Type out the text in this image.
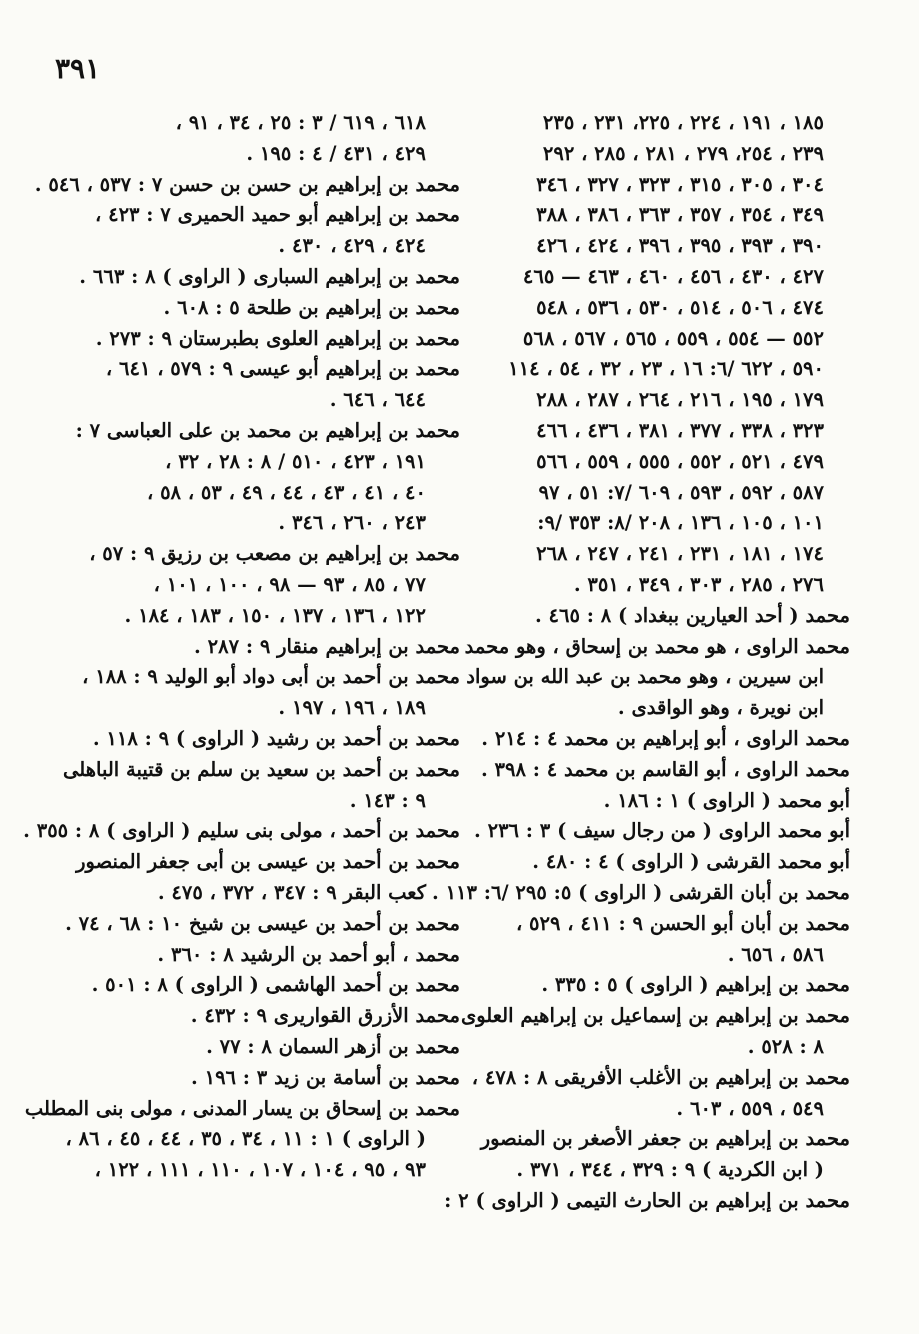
٣٩١
١٨٥ ، ١٩١ ، ٢٢٤ ، ٢٢٥، ٢٣١ ، ٢٣٥
٢٣٩ ، ٢٥٤، ٢٧٩ ، ٢٨١ ، ٢٨٥ ، ٢٩٢
٣٠٤ ، ٣٠٥ ، ٣١٥ ، ٣٢٣ ، ٣٢٧ ، ٣٤٦
٣٤٩ ، ٣٥٤ ، ٣٥٧ ، ٣٦٣ ، ٣٨٦ ، ٣٨٨
٣٩٠ ، ٣٩٣ ، ٣٩٥ ، ٣٩٦ ، ٤٢٤ ، ٤٢٦
٤٢٧ ، ٤٣٠ ، ٤٥٦ ، ٤٦٠ ، ٤٦٣ — ٤٦٥
٤٧٤ ، ٥٠٦ ، ٥١٤ ، ٥٣٠ ، ٥٣٦ ، ٥٤٨
٥٥٢ — ٥٥٤ ، ٥٥٩ ، ٥٦٥ ، ٥٦٧ ، ٥٦٨
٥٩٠ ، ٦٢٢ /٦: ١٦ ، ٢٣ ، ٣٢ ، ٥٤ ، ١١٤
١٧٩ ، ١٩٥ ، ٢١٦ ، ٢٦٤ ، ٢٨٧ ، ٢٨٨
٣٢٣ ، ٣٣٨ ، ٣٧٧ ، ٣٨١ ، ٤٣٦ ، ٤٦٦
٤٧٩ ، ٥٢١ ، ٥٥٢ ، ٥٥٥ ، ٥٥٩ ، ٥٦٦
٥٨٧ ، ٥٩٢ ، ٥٩٣ ، ٦٠٩ /٧: ٥١ ، ٩٧
١٠١ ، ١٠٥ ، ١٣٦ ، ٢٠٨ /٨: ٣٥٣ /٩:
١٧٤ ، ١٨١ ، ٢٣١ ، ٢٤١ ، ٢٤٧ ، ٢٦٨
٢٧٦ ، ٢٨٥ ، ٣٠٣ ، ٣٤٩ ، ٣٥١ .
محمد ( أحد العيارين ببغداد ) ٨ : ٤٦٥ .
محمد الراوى ، هو محمد بن إسحاق ، وهو محمد
ابن سيرين ، وهو محمد بن عبد الله بن سواد
ابن نويرة ، وهو الواقدى .
محمد الراوى ، أبو إبراهيم بن محمد ٤ : ٢١٤ .
محمد الراوى ، أبو القاسم بن محمد ٤ : ٣٩٨ .
أبو محمد ( الراوى ) ١ : ١٨٦ .
أبو محمد الراوى ( من رجال سيف ) ٣ : ٢٣٦ .
أبو محمد القرشى ( الراوى ) ٤ : ٤٨٠ .
محمد بن أبان القرشى ( الراوى ) ٥: ٢٩٥ /٦: ١١٣ .
محمد بن أبان أبو الحسن ٩ : ٤١١ ، ٥٢٩ ،
٥٨٦ ، ٦٥٦ .
محمد بن إبراهيم ( الراوى ) ٥ : ٣٣٥ .
محمد بن إبراهيم بن إسماعيل بن إبراهيم العلوى
٨ : ٥٢٨ .
محمد بن إبراهيم بن الأغلب الأفريقى ٨ : ٤٧٨ ،
٥٤٩ ، ٥٥٩ ، ٦٠٣ .
محمد بن إبراهيم بن جعفر الأصغر بن المنصور
( ابن الكردية ) ٩ : ٣٢٩ ، ٣٤٤ ، ٣٧١ .
محمد بن إبراهيم بن الحارث التيمى ( الراوى ) ٢ :
٦١٨ ، ٦١٩ / ٣ : ٢٥ ، ٣٤ ، ٩١ ،
٤٢٩ ، ٤٣١ / ٤ : ١٩٥ .
محمد بن إبراهيم بن حسن بن حسن ٧ : ٥٣٧ ، ٥٤٦ .
محمد بن إبراهيم أبو حميد الحميرى ٧ : ٤٢٣ ،
٤٢٤ ، ٤٢٩ ، ٤٣٠ .
محمد بن إبراهيم السبارى ( الراوى ) ٨ : ٦٦٣ .
محمد بن إبراهيم بن طلحة ٥ : ٦٠٨ .
محمد بن إبراهيم العلوى بطبرستان ٩ : ٢٧٣ .
محمد بن إبراهيم أبو عيسى ٩ : ٥٧٩ ، ٦٤١ ،
٦٤٤ ، ٦٤٦ .
محمد بن إبراهيم بن محمد بن على العباسى ٧ :
١٩١ ، ٤٢٣ ، ٥١٠ / ٨ : ٢٨ ، ٣٢ ،
٤٠ ، ٤١ ، ٤٣ ، ٤٤ ، ٤٩ ، ٥٣ ، ٥٨ ،
٢٤٣ ، ٢٦٠ ، ٣٤٦ .
محمد بن إبراهيم بن مصعب بن رزيق ٩ : ٥٧ ،
٧٧ ، ٨٥ ، ٩٣ — ٩٨ ، ١٠٠ ، ١٠١ ،
١٢٢ ، ١٣٦ ، ١٣٧ ، ١٥٠ ، ١٨٣ ، ١٨٤ .
محمد بن إبراهيم منقار ٩ : ٢٨٧ .
محمد بن أحمد بن أبى دواد أبو الوليد ٩ : ١٨٨ ،
١٨٩ ، ١٩٦ ، ١٩٧ .
محمد بن أحمد بن رشيد ( الراوى ) ٩ : ١١٨ .
محمد بن أحمد بن سعيد بن سلم بن قتيبة الباهلى
٩ : ١٤٣ .
محمد بن أحمد ، مولى بنى سليم ( الراوى ) ٨ : ٣٥٥ .
محمد بن أحمد بن عيسى بن أبى جعفر المنصور
كعب البقر ٩ : ٣٤٧ ، ٣٧٢ ، ٤٧٥ .
محمد بن أحمد بن عيسى بن شيخ ١٠ : ٦٨ ، ٧٤ .
محمد ، أبو أحمد بن الرشيد ٨ : ٣٦٠ .
محمد بن أحمد الهاشمى ( الراوى ) ٨ : ٥٠١ .
محمد الأزرق القواريرى ٩ : ٤٣٢ .
محمد بن أزهر السمان ٨ : ٧٧ .
محمد بن أسامة بن زيد ٣ : ١٩٦ .
محمد بن إسحاق بن يسار المدنى ، مولى بنى المطلب
( الراوى ) ١ : ١١ ، ٣٤ ، ٣٥ ، ٤٤ ، ٤٥ ، ٨٦ ،
٩٣ ، ٩٥ ، ١٠٤ ، ١٠٧ ، ١١٠ ، ١١١ ، ١٢٢ ،
